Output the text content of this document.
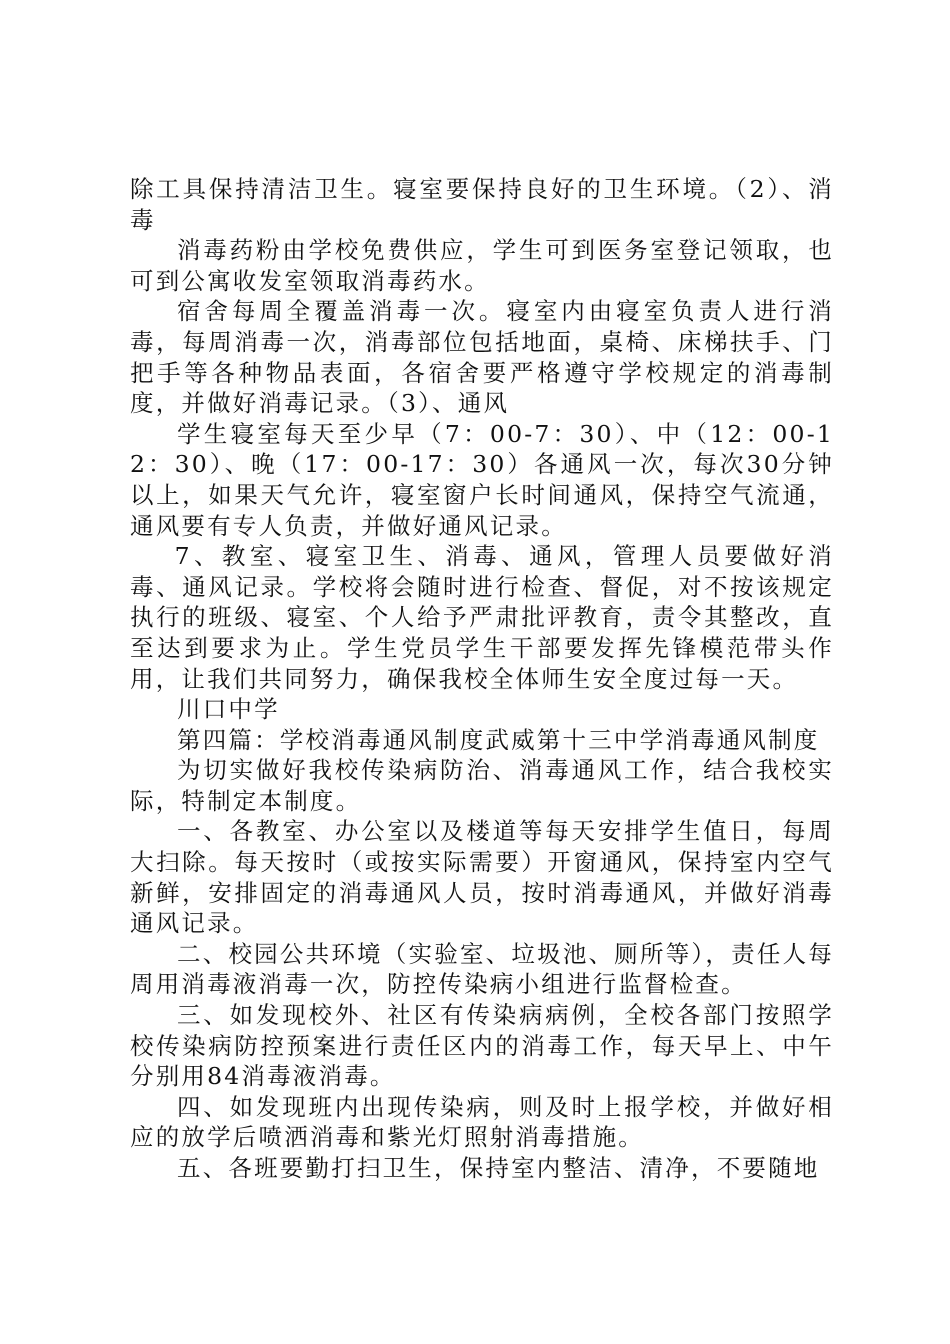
除工具保持清洁卫生。寝室要保持良好的卫生环境。（2）、消毒

消毒药粉由学校免费供应，学生可到医务室登记领取，也可到公寓收发室领取消毒药水。

宿舍每周全覆盖消毒一次。寝室内由寝室负责人进行消毒，每周消毒一次，消毒部位包括地面，桌椅、床梯扶手、门把手等各种物品表面，各宿舍要严格遵守学校规定的消毒制度，并做好消毒记录。（3）、通风

学生寝室每天至少早（7：00-7：30）、中（12：00-12：30）、晚（17：00-17：30）各通风一次，每次30分钟以上，如果天气允许，寝室窗户长时间通风，保持空气流通，通风要有专人负责，并做好通风记录。

7、教室、寝室卫生、消毒、通风，管理人员要做好消毒、通风记录。学校将会随时进行检查、督促，对不按该规定执行的班级、寝室、个人给予严肃批评教育，责令其整改，直至达到要求为止。学生党员学生干部要发挥先锋模范带头作用，让我们共同努力，确保我校全体师生安全度过每一天。

川口中学

第四篇：学校消毒通风制度武威第十三中学消毒通风制度

为切实做好我校传染病防治、消毒通风工作，结合我校实际，特制定本制度。

一、各教室、办公室以及楼道等每天安排学生值日，每周大扫除。每天按时（或按实际需要）开窗通风，保持室内空气新鲜，安排固定的消毒通风人员，按时消毒通风，并做好消毒通风记录。

二、校园公共环境（实验室、垃圾池、厕所等），责任人每周用消毒液消毒一次，防控传染病小组进行监督检查。

三、如发现校外、社区有传染病病例，全校各部门按照学校传染病防控预案进行责任区内的消毒工作，每天早上、中午分别用84消毒液消毒。

四、如发现班内出现传染病，则及时上报学校，并做好相应的放学后喷洒消毒和紫光灯照射消毒措施。

五、各班要勤打扫卫生，保持室内整洁、清净，不要随地
